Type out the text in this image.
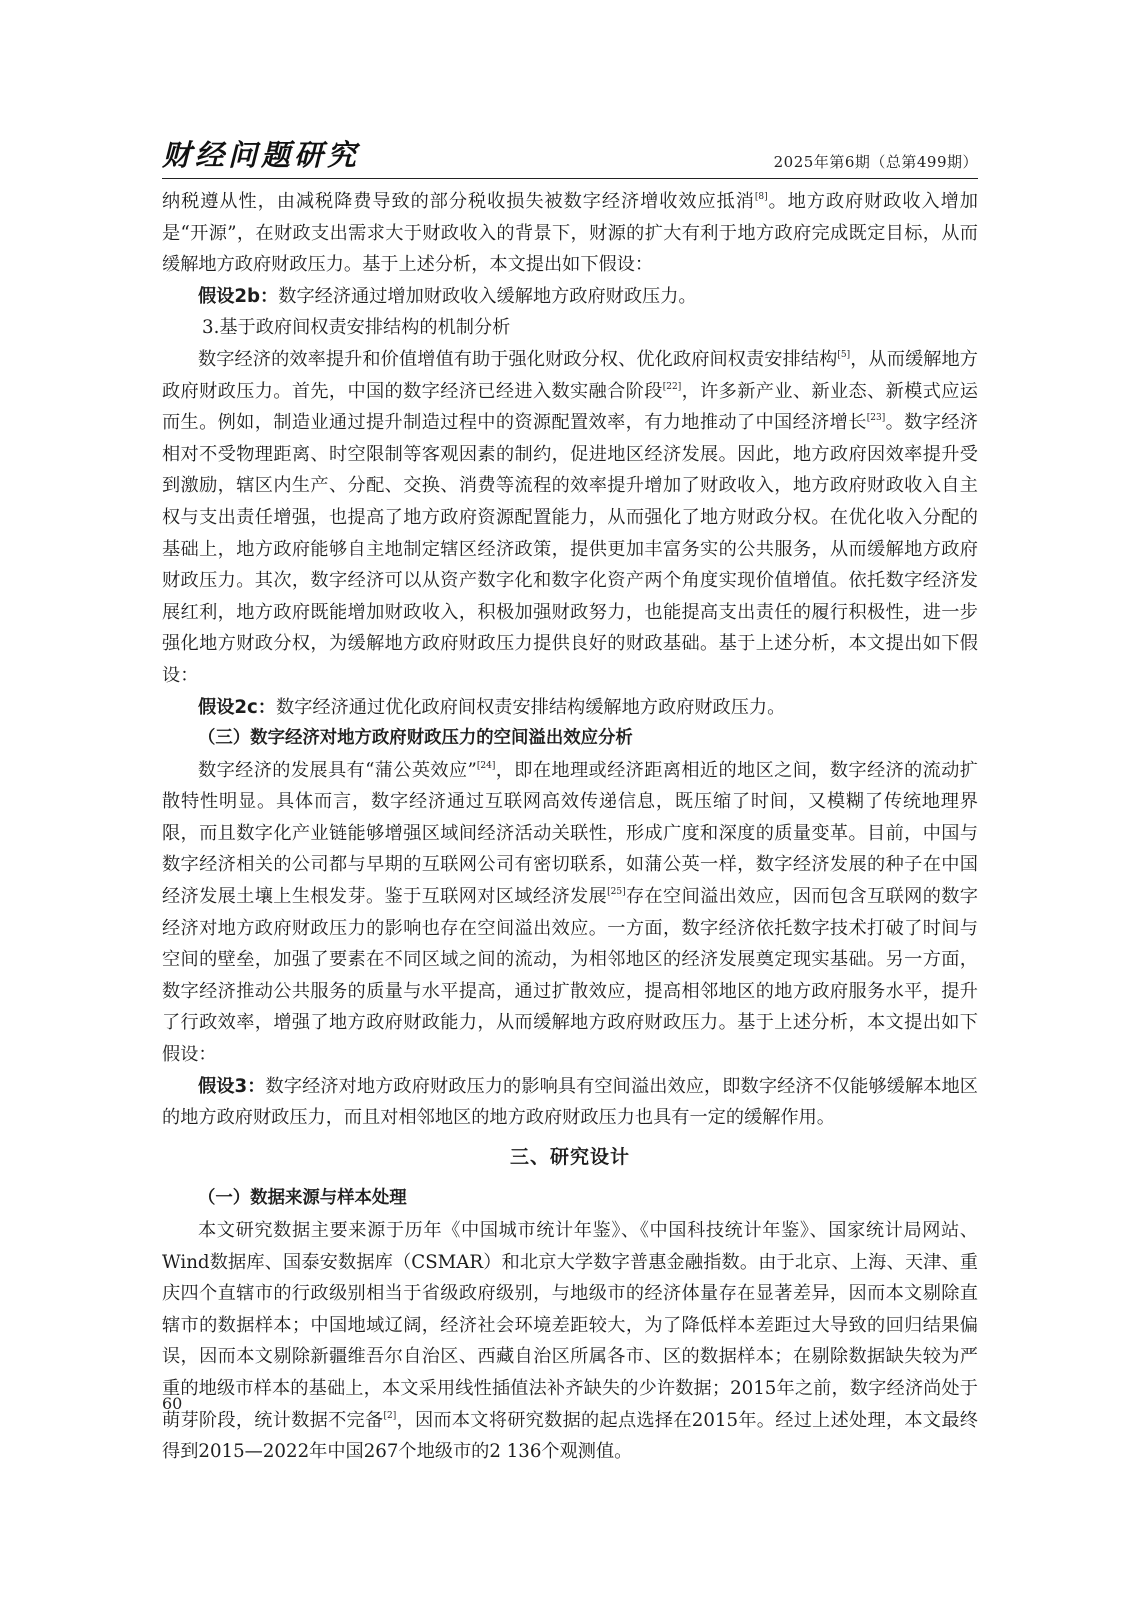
财经问题研究	2025年第6期（总第499期）

纳税遵从性，由减税降费导致的部分税收损失被数字经济增收效应抵消[8]。地方政府财政收入增加是“开源”，在财政支出需求大于财政收入的背景下，财源的扩大有利于地方政府完成既定目标，从而缓解地方政府财政压力。基于上述分析，本文提出如下假设：

假设2b：数字经济通过增加财政收入缓解地方政府财政压力。

3.基于政府间权责安排结构的机制分析

数字经济的效率提升和价值增值有助于强化财政分权、优化政府间权责安排结构[5]，从而缓解地方政府财政压力。首先，中国的数字经济已经进入数实融合阶段[22]，许多新产业、新业态、新模式应运而生。例如，制造业通过提升制造过程中的资源配置效率，有力地推动了中国经济增长[23]。数字经济相对不受物理距离、时空限制等客观因素的制约，促进地区经济发展。因此，地方政府因效率提升受到激励，辖区内生产、分配、交换、消费等流程的效率提升增加了财政收入，地方政府财政收入自主权与支出责任增强，也提高了地方政府资源配置能力，从而强化了地方财政分权。在优化收入分配的基础上，地方政府能够自主地制定辖区经济政策，提供更加丰富务实的公共服务，从而缓解地方政府财政压力。其次，数字经济可以从资产数字化和数字化资产两个角度实现价值增值。依托数字经济发展红利，地方政府既能增加财政收入，积极加强财政努力，也能提高支出责任的履行积极性，进一步强化地方财政分权，为缓解地方政府财政压力提供良好的财政基础。基于上述分析，本文提出如下假设：

假设2c：数字经济通过优化政府间权责安排结构缓解地方政府财政压力。

（三）数字经济对地方政府财政压力的空间溢出效应分析

数字经济的发展具有“蒲公英效应”[24]，即在地理或经济距离相近的地区之间，数字经济的流动扩散特性明显。具体而言，数字经济通过互联网高效传递信息，既压缩了时间，又模糊了传统地理界限，而且数字化产业链能够增强区域间经济活动关联性，形成广度和深度的质量变革。目前，中国与数字经济相关的公司都与早期的互联网公司有密切联系，如蒲公英一样，数字经济发展的种子在中国经济发展土壤上生根发芽。鉴于互联网对区域经济发展[25]存在空间溢出效应，因而包含互联网的数字经济对地方政府财政压力的影响也存在空间溢出效应。一方面，数字经济依托数字技术打破了时间与空间的壁垒，加强了要素在不同区域之间的流动，为相邻地区的经济发展奠定现实基础。另一方面，数字经济推动公共服务的质量与水平提高，通过扩散效应，提高相邻地区的地方政府服务水平，提升了行政效率，增强了地方政府财政能力，从而缓解地方政府财政压力。基于上述分析，本文提出如下假设：

假设3：数字经济对地方政府财政压力的影响具有空间溢出效应，即数字经济不仅能够缓解本地区的地方政府财政压力，而且对相邻地区的地方政府财政压力也具有一定的缓解作用。

三、研究设计

（一）数据来源与样本处理

本文研究数据主要来源于历年《中国城市统计年鉴》、《中国科技统计年鉴》、国家统计局网站、Wind数据库、国泰安数据库（CSMAR）和北京大学数字普惠金融指数。由于北京、上海、天津、重庆四个直辖市的行政级别相当于省级政府级别，与地级市的经济体量存在显著差异，因而本文剔除直辖市的数据样本；中国地域辽阔，经济社会环境差距较大，为了降低样本差距过大导致的回归结果偏误，因而本文剔除新疆维吾尔自治区、西藏自治区所属各市、区的数据样本；在剔除数据缺失较为严重的地级市样本的基础上，本文采用线性插值法补齐缺失的少许数据；2015年之前，数字经济尚处于萌芽阶段，统计数据不完备[2]，因而本文将研究数据的起点选择在2015年。经过上述处理，本文最终得到2015—2022年中国267个地级市的2 136个观测值。

60
